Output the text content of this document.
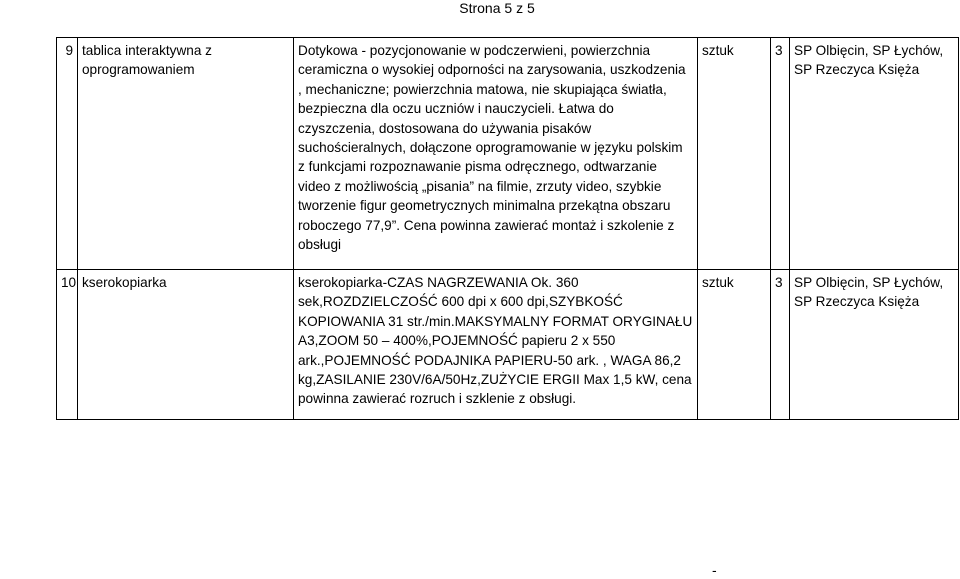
Strona 5 z 5
9	tablica interaktywna z oprogramowaniem	Dotykowa - pozycjonowanie w podczerwieni, powierzchnia ceramiczna o wysokiej odporności na zarysowania, uszkodzenia , mechaniczne; powierzchnia matowa, nie skupiająca światła, bezpieczna dla oczu uczniów i nauczycieli. Łatwa do czyszczenia, dostosowana do używania pisaków suchościeralnych, dołączone oprogramowanie w języku polskim z funkcjami rozpoznawanie pisma odręcznego, odtwarzanie video z możliwością „pisania” na filmie, zrzuty video, szybkie tworzenie figur geometrycznych minimalna przekątna obszaru roboczego 77,9”. Cena powinna zawierać montaż i szkolenie z obsługi	sztuk	3	SP Olbięcin, SP Łychów, SP Rzeczyca Księża
10	kserokopiarka	kserokopiarka-CZAS NAGRZEWANIA Ok. 360 sek,ROZDZIELCZOŚĆ 600 dpi x 600 dpi,SZYBKOŚĆ KOPIOWANIA 31 str./min.MAKSYMALNY FORMAT ORYGINAŁU A3,ZOOM 50 – 400%,POJEMNOŚĆ papieru 2 x 550 ark.,POJEMNOŚĆ PODAJNIKA PAPIERU-50 ark. , WAGA 86,2 kg,ZASILANIE 230V/6A/50Hz,ZUŻYCIE ERGII Max 1,5 kW, cena powinna zawierać rozruch i szklenie z obsługi.	sztuk	3	SP Olbięcin, SP Łychów, SP Rzeczyca Księża
-
